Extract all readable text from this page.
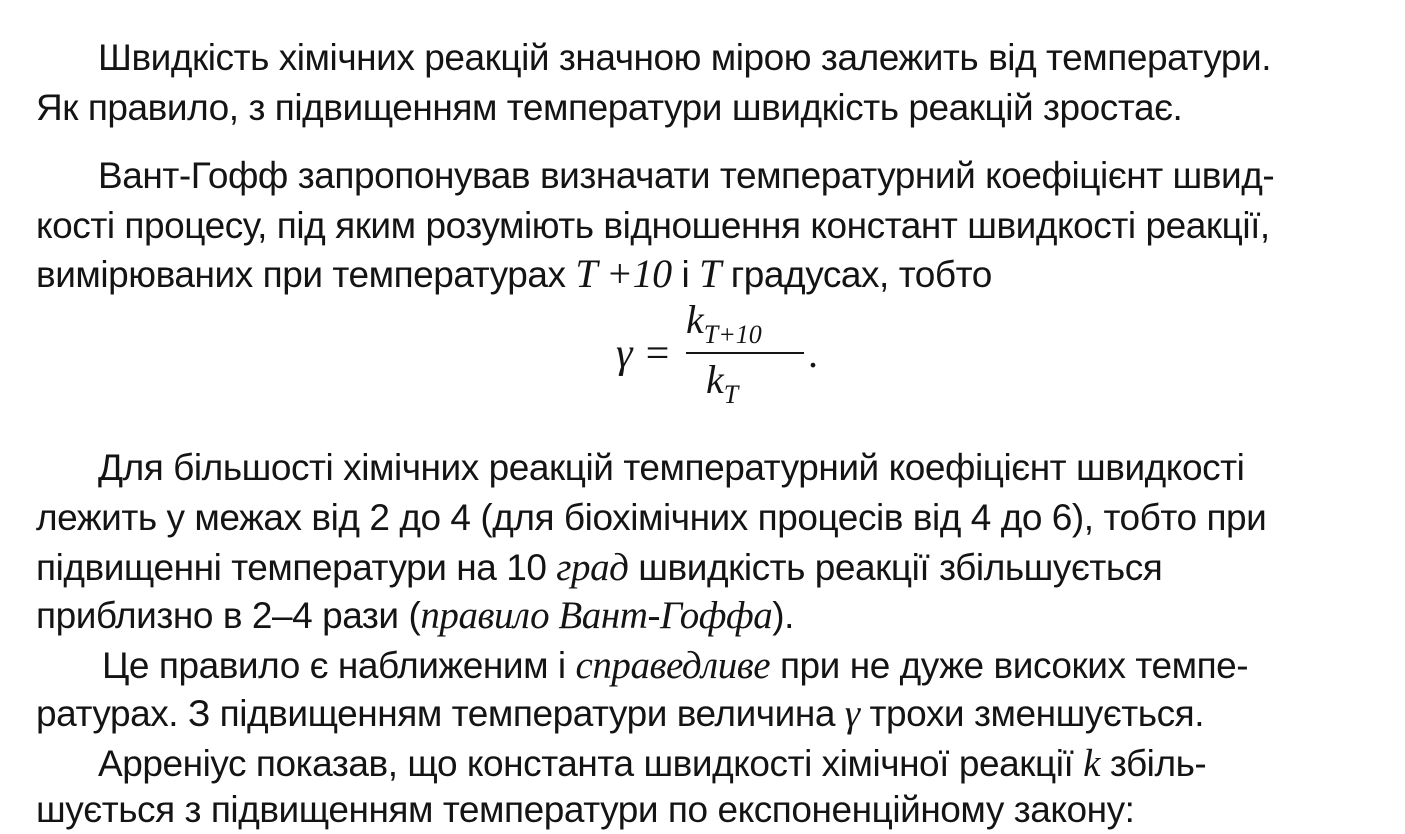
Швидкість хімічних реакцій значною мірою залежить від температури.
Як правило, з підвищенням температури швидкість реакцій зростає.
Вант-Гофф запропонував визначати температурний коефіцієнт швид-
кості процесу, під яким розуміють відношення констант швидкості реакції,
вимірюваних при температурах T +10 і T градусах, тобто
γ =
$k_{T+10}$
$k_T$
.
Для більшості хімічних реакцій температурний коефіцієнт швидкості
лежить у межах від 2 до 4 (для біохімічних процесів від 4 до 6), тобто при
підвищенні температури на 10 град швидкість реакції збільшується
приблизно в 2–4 рази (правило Вант-Гоффа).
Це правило є наближеним і справедливе при не дуже високих темпе-
ратурах. З підвищенням температури величина γ трохи зменшується.
Арреніус показав, що константа швидкості хімічної реакції k збіль-
шується з підвищенням температури по експоненційному закону:
